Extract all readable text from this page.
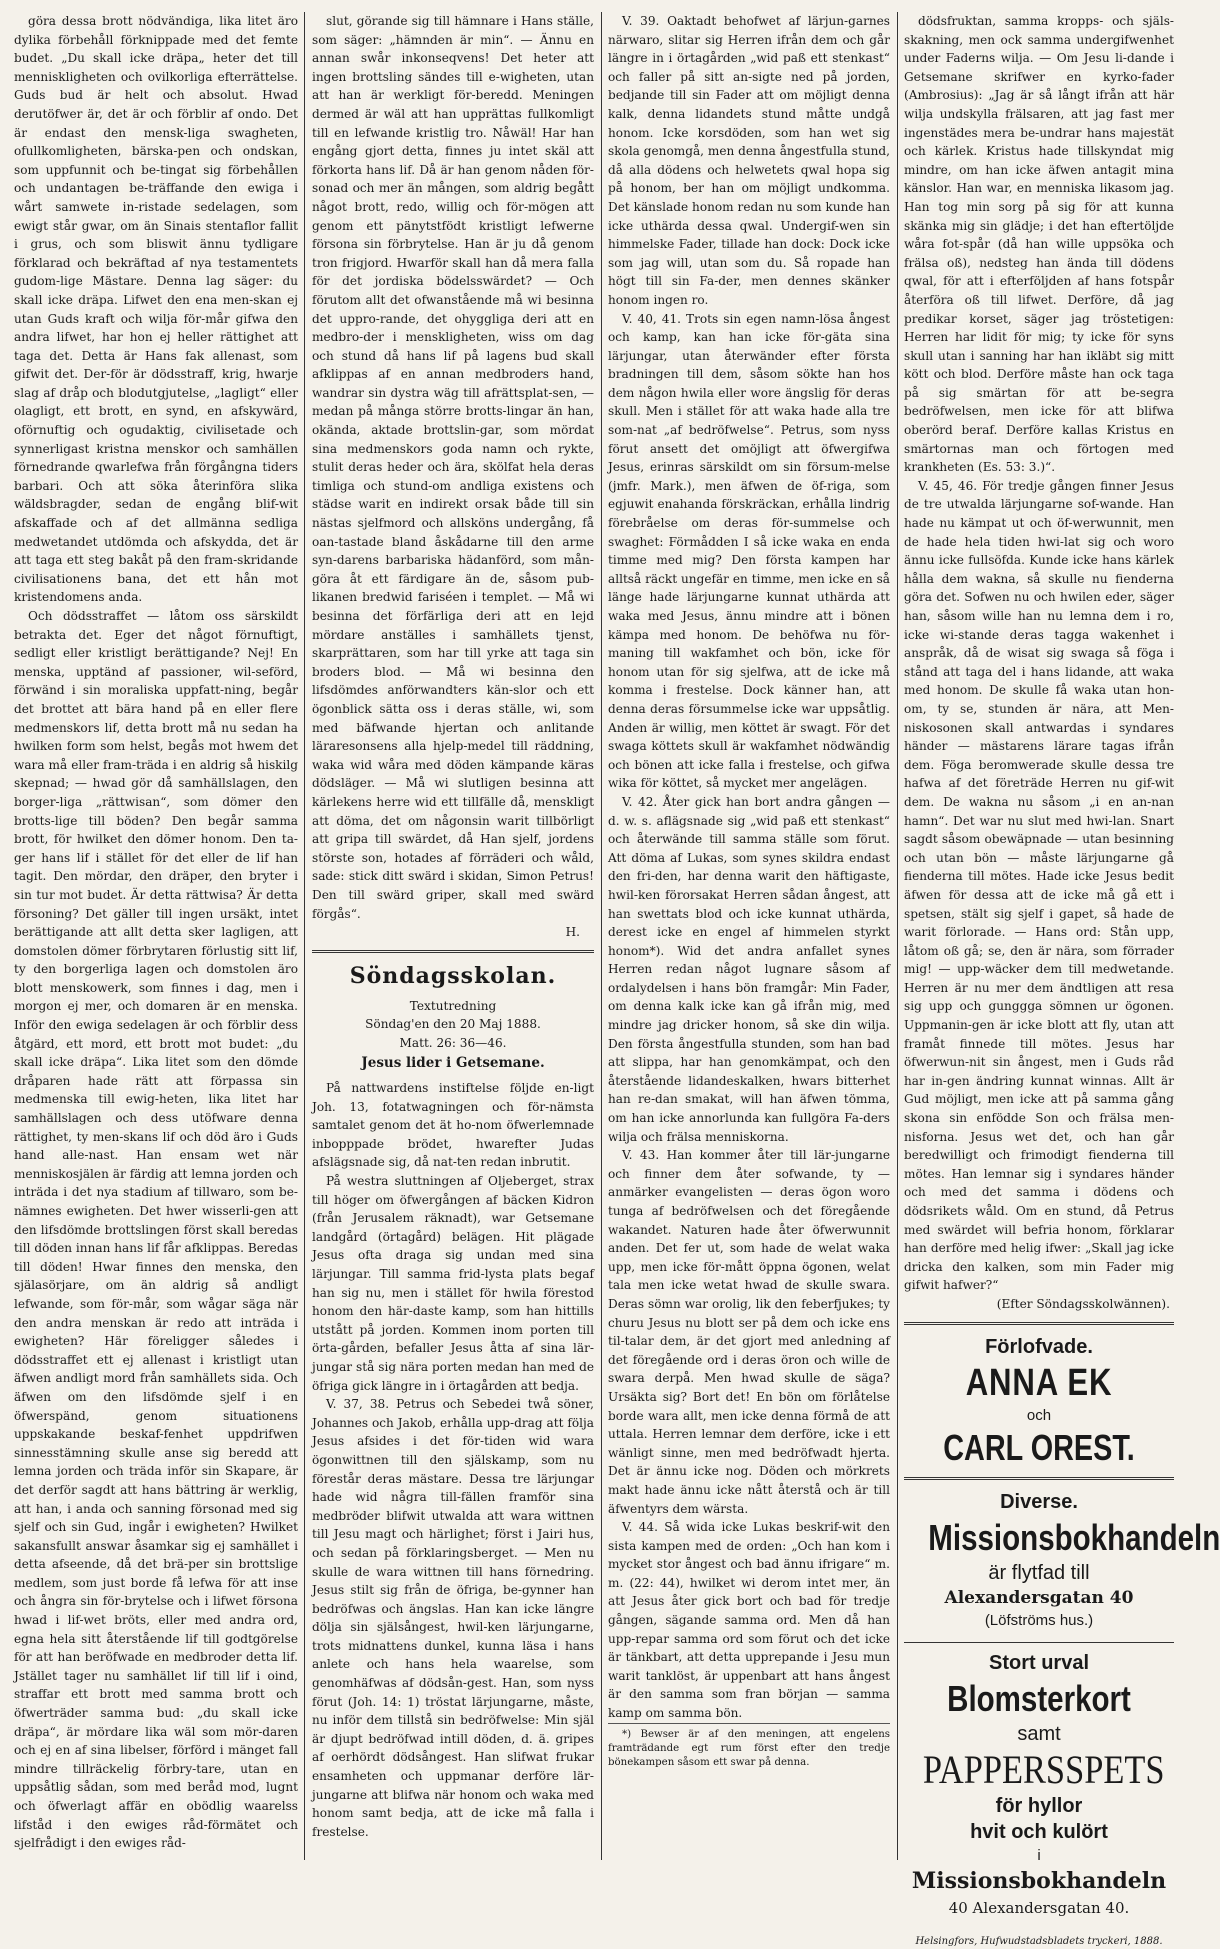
göra dessa brott nödvändiga, lika litet äro dylika förbehåll förknippade med det femte budet. „Du skall icke dräpa„ heter det till menniskligheten och ovilkorliga efterrättelse. Guds bud är helt och absolut. Hwad derutöfwer är, det är och förblir af ondo. Det är endast den mensk-liga swagheten, ofullkomligheten, bärska-pen och ondskan, som uppfunnit och be-tingat sig förbehållen och undantagen be-träffande den ewiga i wårt samwete in-ristade sedelagen, som ewigt står gwar, om än Sinais stentaflor fallit i grus, och som bliswit ännu tydligare förklarad och bekräftad af nya testamentets gudom-lige Mästare. Denna lag säger: du skall icke dräpa. Lifwet den ena men-skan ej utan Guds kraft och wilja för-mår gifwa den andra lifwet, har hon ej heller rättighet att taga det. Detta är Hans fak allenast, som gifwit det. Der-för är dödsstraff, krig, hwarje slag af dråp och blodutgjutelse, „lagligt“ eller olagligt, ett brott, en synd, en afskywärd, oförnuftig och ogudaktig, civilisetade och synnerligast kristna menskor och samhällen förnedrande qwarlefwa från förgångna tiders barbari. Och att söka återinföra slika wäldsbragder, sedan de engång blif-wit afskaffade och af det allmänna sedliga medwetandet utdömda och afskydda, det är att taga ett steg bakåt på den fram-skridande civilisationens bana, det ett hån mot kristendomens anda.

Och dödsstraffet — låtom oss särskildt betrakta det. Eger det något förnuftigt, sedligt eller kristligt berättigande? Nej! En menska, upptänd af passioner, wil-seförd, förwänd i sin moraliska uppfatt-ning, begår det brottet att bära hand på en eller flere medmenskors lif, detta brott må nu sedan ha hwilken form som helst, begås mot hwem det wara må eller fram-träda i en aldrig så hiskilg skepnad; — hwad gör då samhällslagen, den borger-liga „rättwisan“, som dömer den brotts-lige till böden? Den begår samma brott, för hwilket den dömer honom. Den ta-ger hans lif i stället för det eller de lif han tagit. Den mördar, den dräper, den bryter i sin tur mot budet. Är detta rättwisa? Är detta försoning? Det gäller till ingen ursäkt, intet berättigande att allt detta sker lagligen, att domstolen dömer förbrytaren förlustig sitt lif, ty den borgerliga lagen och domstolen äro blott menskowerk, som finnes i dag, men i morgon ej mer, och domaren är en menska. Inför den ewiga sedelagen är och förblir dess åtgärd, ett mord, ett brott mot budet: „du skall icke dräpa“. Lika litet som den dömde dråparen hade rätt att förpassa sin medmenska till ewig-heten, lika litet har samhällslagen och dess utöfware denna rättighet, ty men-skans lif och död äro i Guds hand alle-nast. Han ensam wet när menniskosjälen är färdig att lemna jorden och inträda i det nya stadium af tillwaro, som be-nämnes ewigheten. Det hwer wisserli-gen att den lifsdömde brottslingen först skall beredas till döden innan hans lif får afklippas. Beredas till döden! Hwar finnes den menska, den själasörjare, om än aldrig så andligt lefwande, som för-mår, som wågar säga när den andra menskan är redo att inträda i ewigheten? Här föreligger således i dödsstraffet ett ej allenast i kristligt utan äfwen andligt mord från samhällets sida. Och äfwen om den lifsdömde sjelf i en öfwerspänd, genom situationens uppskakande beskaf-fenhet uppdrifwen sinnesstämning skulle anse sig beredd att lemna jorden och träda inför sin Skapare, är det derför sagdt att hans bättring är werklig, att han, i anda och sanning försonad med sig sjelf och sin Gud, ingår i ewigheten? Hwilket sakansfullt answar åsamkar sig ej samhället i detta afseende, då det brä-per sin brottslige medlem, som just borde få lefwa för att inse och ångra sin för-brytelse och i lifwet försona hwad i lif-wet bröts, eller med andra ord, egna hela sitt återstående lif till godtgörelse för att han beröfwade en medbroder detta lif. Jstället tager nu samhället lif till lif i oind, straffar ett brott med samma brott och öfwerträder samma bud: „du skall icke dräpa“, är mördare lika wäl som mör-daren och ej en af sina libelser, förförd i mänget fall mindre tillräckelig förbry-tare, utan en uppsåtlig sådan, som med beråd mod, lugnt och öfwerlagt affär en obödlig waarelss lifståd i den ewiges råd-förmätet och sjelfrådigt i den ewiges råd-

slut, görande sig till hämnare i Hans ställe, som säger: „hämnden är min“. — Ännu en annan swår inkonseqvens! Det heter att ingen brottsling sändes till e-wigheten, utan att han är werkligt för-beredd. Meningen dermed är wäl att han upprättas fullkomligt till en lefwande kristlig tro. Nåwäl! Har han engång gjort detta, finnes ju intet skäl att förkorta hans lif. Då är han genom nåden för-sonad och mer än mången, som aldrig begått något brott, redo, willig och för-mögen att genom ett pänytstfödt kristligt lefwerne försona sin förbrytelse. Han är ju då genom tron frigjord. Hwarför skall han då mera falla för det jordiska bödelsswärdet? — Och förutom allt det ofwanstående må wi besinna det uppro-rande, det ohyggliga deri att en medbro-der i menskligheten, wiss om dag och stund då hans lif på lagens bud skall afklippas af en annan medbroders hand, wandrar sin dystra wäg till afrättsplat-sen, — medan på många större brotts-lingar än han, okända, aktade brottslin-gar, som mördat sina medmenskors goda namn och rykte, stulit deras heder och ära, skölfat hela deras timliga och stund-om andliga existens och städse warit en indirekt orsak både till sin nästas sjelfmord och allsköns undergång, få oan-tastade bland åskådarne till den arme syn-darens barbariska hädanförd, som mån-göra åt ett färdigare än de, såsom pub-likanen bredwid fariséen i templet. — Må wi besinna det förfärliga deri att en lejd mördare anställes i samhällets tjenst, skarprättaren, som har till yrke att taga sin broders blod. — Må wi besinna den lifsdömdes anförwandters kän-slor och ett ögonblick sätta oss i deras ställe, wi, som med bäfwande hjertan och anlitande läraresonsens alla hjelp-medel till räddning, waka wid wåra med döden kämpande käras dödsläger. — Må wi slutligen besinna att kärlekens herre wid ett tillfälle då, menskligt att döma, det om någonsin warit tillbörligt att gripa till swärdet, då Han sjelf, jordens störste son, hotades af förräderi och wåld, sade: stick ditt swärd i skidan, Simon Petrus! Den till swärd griper, skall med swärd förgås“.

H.
Söndagsskolan.

Textutredning

Söndag'en den 20 Maj 1888.

Matt. 26: 36—46.

Jesus lider i Getsemane.

På nattwardens instiftelse följde en-ligt Joh. 13, fotatwagningen och för-nämsta samtalet genom det ät ho-nom öfwerlemnade inbopppade brödet, hwarefter Judas afslägsnade sig, då nat-ten redan inbrutit.

På westra sluttningen af Oljeberget, strax till höger om öfwergången af bäcken Kidron (från Jerusalem räknadt), war Getsemane landgård (örtagård) belägen. Hit plägade Jesus ofta draga sig undan med sina lärjungar. Till samma frid-lysta plats begaf han sig nu, men i stället för hwila förestod honom den här-daste kamp, som han hittills utstått på jorden. Kommen inom porten till örta-gården, befaller Jesus åtta af sina lär-jungar stå sig nära porten medan han med de öfriga gick längre in i örtagården att bedja.

V. 37, 38. Petrus och Sebedei twå söner, Johannes och Jakob, erhålla upp-drag att följa Jesus afsides i det för-tiden wid wara ögonwittnen till den själskamp, som nu förestår deras mästare. Dessa tre lärjungar hade wid några till-fällen framför sina medbröder blifwit utwalda att wara wittnen till Jesu magt och härlighet; först i Jairi hus, och sedan på förklaringsberget. — Men nu skulle de wara wittnen till hans förnedring. Jesus stilt sig från de öfriga, be-gynner han bedröfwas och ängslas. Han kan icke längre dölja sin själsångest, hwil-ken lärjungarne, trots midnattens dunkel, kunna läsa i hans anlete och hans hela waarelse, som genomhäfwas af dödsån-gest. Han, som nyss förut (Joh. 14: 1) tröstat lärjungarne, måste, nu inför dem tillstå sin bedröfwelse: Min själ är djupt bedröfwad intill döden, d. ä. gripes af oerhördt dödsångest. Han slifwat frukar ensamheten och uppmanar derföre lär-jungarne att blifwa när honom och waka med honom samt bedja, att de icke må falla i frestelse.

V. 39. Oaktadt behofwet af lärjun-garnes närwaro, slitar sig Herren ifrån dem och går längre in i örtagården „wid paß ett stenkast“ och faller på sitt an-sigte ned på jorden, bedjande till sin Fader att om möjligt denna kalk, denna lidandets stund måtte undgå honom. Icke korsdöden, som han wet sig skola genomgå, men denna ångestfulla stund, då alla dödens och helwetets qwal hopa sig på honom, ber han om möjligt undkomma. Det känslade honom redan nu som kunde han icke uthärda dessa qwal. Undergif-wen sin himmelske Fader, tillade han dock: Dock icke som jag will, utan som du. Så ropade han högt till sin Fa-der, men dennes skänker honom ingen ro.

V. 40, 41. Trots sin egen namn-lösa ångest och kamp, kan han icke för-gäta sina lärjungar, utan återwänder efter första bradningen till dem, såsom sökte han hos dem någon hwila eller wore ängslig för deras skull. Men i stället för att waka hade alla tre som-nat „af bedröfwelse“. Petrus, som nyss förut ansett det omöjligt att öfwergifwa Jesus, erinras särskildt om sin försum-melse (jmfr. Mark.), men äfwen de öf-riga, som egjuwit enahanda förskräckan, erhålla lindrig förebråelse om deras för-summelse och swaghet: Förmådden I så icke waka en enda timme med mig? Den första kampen har alltså räckt ungefär en timme, men icke en så länge hade lärjungarne kunnat uthärda att waka med Jesus, ännu mindre att i bönen kämpa med honom. De behöfwa nu för-maning till wakfamhet och bön, icke för honom utan för sig sjelfwa, att de icke må komma i frestelse. Dock känner han, att denna deras försummelse icke war uppsåtlig. Anden är willig, men köttet är swagt. För det swaga köttets skull är wakfamhet nödwändig och bönen att icke falla i frestelse, och gifwa wika för köttet, så mycket mer angelägen.

V. 42. Åter gick han bort andra gången — d. w. s. aflägsnade sig „wid paß ett stenkast“ och återwände till samma ställe som förut. Att döma af Lukas, som synes skildra endast den fri-den, har denna warit den häftigaste, hwil-ken förorsakat Herren sådan ångest, att han swettats blod och icke kunnat uthärda, derest icke en engel af himmelen styrkt honom*). Wid det andra anfallet synes Herren redan något lugnare såsom af ordalydelsen i hans bön framgår: Min Fader, om denna kalk icke kan gå ifrån mig, med mindre jag dricker honom, så ske din wilja. Den första ångestfulla stunden, som han bad att slippa, har han genomkämpat, och den återstående lidandeskalken, hwars bitterhet han re-dan smakat, will han äfwen tömma, om han icke annorlunda kan fullgöra Fa-ders wilja och frälsa menniskorna.

V. 43. Han kommer åter till lär-jungarne och finner dem åter sofwande, ty — anmärker evangelisten — deras ögon woro tunga af bedröfwelsen och det föregående wakandet. Naturen hade åter öfwerwunnit anden. Det fer ut, som hade de welat waka upp, men icke för-mått öppna ögonen, welat tala men icke wetat hwad de skulle swara. Deras sömn war orolig, lik den feberfjukes; ty churu Jesus nu blott ser på dem och icke ens til-talar dem, är det gjort med anledning af det föregående ord i deras öron och wille de swara derpå. Men hwad skulle de säga? Ursäkta sig? Bort det! En bön om förlåtelse borde wara allt, men icke denna förmå de att uttala. Herren lemnar dem derföre, icke i ett wänligt sinne, men med bedröfwadt hjerta. Det är ännu icke nog. Döden och mörkrets makt hade ännu icke nått återstå och är till äfwentyrs dem wärsta.

V. 44. Så wida icke Lukas beskrif-wit den sista kampen med de orden: „Och han kom i mycket stor ångest och bad ännu ifrigare“ m. m. (22: 44), hwilket wi derom intet mer, än att Jesus åter gick bort och bad för tredje gången, sägande samma ord. Men då han upp-repar samma ord som förut och det icke är tänkbart, att detta upprepande i Jesu mun warit tanklöst, är uppenbart att hans ångest är den samma som fran början — samma kamp om samma bön.

*) Bewser är af den meningen, att engelens framträdande egt rum först efter den tredje bönekampen såsom ett swar på denna.

dödsfruktan, samma kropps- och själs-skakning, men ock samma undergifwenhet under Faderns wilja. — Om Jesu li-dande i Getsemane skrifwer en kyrko-fader (Ambrosius): „Jag är så långt ifrån att här wilja undskylla frälsaren, att jag fast mer ingenstädes mera be-undrar hans majestät och kärlek. Kristus hade tillskyndat mig mindre, om han icke äfwen antagit mina känslor. Han war, en menniska likasom jag. Han tog min sorg på sig för att kunna skänka mig sin glädje; i det han eftertöljde wåra fot-spår (då han wille uppsöka och frälsa oß), nedsteg han ända till dödens qwal, för att i efterföljden af hans fotspår återföra oß till lifwet. Derföre, då jag predikar korset, säger jag tröstetigen: Herren har lidit för mig; ty icke för syns skull utan i sanning har han ikläbt sig mitt kött och blod. Derföre måste han ock taga på sig smärtan för att be-segra bedröfwelsen, men icke för att blifwa oberörd beraf. Derföre kallas Kristus en smärtornas man och förtogen med krankheten (Es. 53: 3.)“.

V. 45, 46. För tredje gången finner Jesus de tre utwalda lärjungarne sof-wande. Han hade nu kämpat ut och öf-werwunnit, men de hade hela tiden hwi-lat sig och woro ännu icke fullsöfda. Kunde icke hans kärlek hålla dem wakna, så skulle nu fienderna göra det. Sofwen nu och hwilen eder, säger han, såsom wille han nu lemna dem i ro, icke wi-stande deras tagga wakenhet i anspråk, då de wisat sig swaga så föga i stånd att taga del i hans lidande, att waka med honom. De skulle få waka utan hon-om, ty se, stunden är nära, att Men-niskosonen skall antwardas i syndares händer — mästarens lärare tagas ifrån dem. Föga beromwerade skulle dessa tre hafwa af det företräde Herren nu gif-wit dem. De wakna nu såsom „i en an-nan hamn“. Det war nu slut med hwi-lan. Snart sagdt såsom obewäpnade — utan besinning och utan bön — måste lärjungarne gå fienderna till mötes. Hade icke Jesus bedit äfwen för dessa att de icke må gå ett i spetsen, stält sig sjelf i gapet, så hade de warit förlorade. — Hans ord: Stån upp, låtom oß gå; se, den är nära, som förrader mig! — upp-wäcker dem till medwetande. Herren är nu mer dem ändtligen att resa sig upp och gunggga sömnen ur ögonen. Uppmanin-gen är icke blott att fly, utan att framåt finnede till mötes. Jesus har öfwerwun-nit sin ångest, men i Guds råd har in-gen ändring kunnat winnas. Allt är Gud möjligt, men icke att på samma gång skona sin enfödde Son och frälsa men-nisforna. Jesus wet det, och han går beredwilligt och frimodigt fienderna till mötes. Han lemnar sig i syndares händer och med det samma i dödens och dödsrikets wåld. Om en stund, då Petrus med swärdet will befria honom, förklarar han derföre med helig ifwer: „Skall jag icke dricka den kalken, som min Fader mig gifwit hafwer?“

(Efter Söndagsskolwännen).

Förlofvade.
ANNA EK
och
CARL OREST.
Diverse.
Missionsbokhandeln
är flytfad till
Alexandersgatan 40
(Löfströms hus.)
Stort urval
Blomsterkort
samt
PAPPERSSPETS
för hyllor
hvit och kulört
i
Missionsbokhandeln
40 Alexandersgatan 40.
Helsingfors, Hufwudstadsbladets tryckeri, 1888.
